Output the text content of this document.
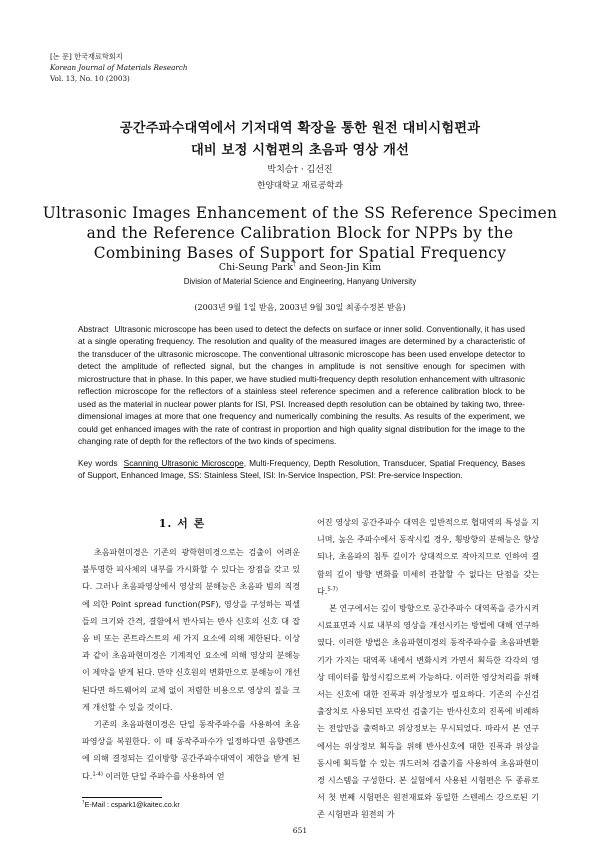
[논 문] 한국재료학회지
Korean Journal of Materials Research
Vol. 13, No. 10 (2003)
공간주파수대역에서 기저대역 확장을 통한 원전 대비시험편과
대비 보정 시험편의 초음파 영상 개선
박치승† · 김선진
한양대학교 재료공학과
Ultrasonic Images Enhancement of the SS Reference Specimen
and the Reference Calibration Block for NPPs by the
Combining Bases of Support for Spatial Frequency
Chi-Seung Park† and Seon-Jin Kim
Division of Material Science and Engineering, Hanyang University
(2003년 9월 1일 받음, 2003년 9월 30일 최종수정본 받음)
Abstract Ultrasonic microscope has been used to detect the defects on surface or inner solid. Conventionally, it has used at a single operating frequency. The resolution and quality of the measured images are determined by a characteristic of the transducer of the ultrasonic microscope. The conventional ultrasonic microscope has been used envelope detector to detect the amplitude of reflected signal, but the changes in amplitude is not sensitive enough for specimen with microstructure that in phase. In this paper, we have studied multi-frequency depth resolution enhancement with ultrasonic reflection microscope for the reflectors of a stainless steel reference specimen and a reference calibration block to be used as the material in nuclear power plants for ISI, PSI. Increased depth resolution can be obtained by taking two, three-dimensional images at more that one frequency and numerically combining the results. As results of the experiment, we could get enhanced images with the rate of contrast in proportion and high quality signal distribution for the image to the changing rate of depth for the reflectors of the two kinds of specimens.
Key words Scanning Ultrasonic Microscope, Multi-Frequency, Depth Resolution, Transducer, Spatial Frequency, Bases of Support, Enhanced Image, SS: Stainless Steel, ISI: In-Service Inspection, PSI: Pre-service Inspection.
1. 서 론

초음파현미경은 기존의 광학현미경으로는 검출이 어려운 불투명한 피사체의 내부를 가시화할 수 있다는 장점을 갖고 있다. 그러나 초음파영상에서 영상의 분해능은 초음파 빔의 직경에 의한 Point spread function(PSF), 영상을 구성하는 픽셀들의 크기와 간격, 결함에서 반사되는 반사 신호의 신호 대 잡음 비 또는 콘트라스트의 세 가지 요소에 의해 제한된다. 이상과 같이 초음파현미경은 기계적인 요소에 의해 영상의 분해능이 제약을 받게 된다. 만약 신호원의 변화만으로 분해능이 개선된다면 하드웨어의 교체 없이 저렴한 비용으로 영상의 질을 크게 개선할 수 있을 것이다.

기존의 초음파현미경은 단일 동작주파수를 사용하여 초음파영상을 복원한다. 이 때 동작주파수가 일정하다면 음향렌즈에 의해 결정되는 깊이방향 공간주파수대역이 제한을 받게 된다.$^{1-4)}$ 이러한 단일 주파수를 사용하여 얻

어진 영상의 공간주파수 대역은 일반적으로 협대역의 특성을 지니며, 높은 주파수에서 동작시킬 경우, 횡방향의 분해능은 향상되나, 초음파의 침투 깊이가 상대적으로 작아지므로 인하여 결함의 깊이 방향 변화를 미세히 관찰할 수 없다는 단점을 갖는다.$^{5-7)}$

본 연구에서는 깊이 방향으로 공간주파수 대역폭을 증가시켜 시료표면과 시료 내부의 영상을 개선시키는 방법에 대해 연구하였다. 이러한 방법은 초음파현미경의 동작주파수를 초음파변환기가 가지는 대역폭 내에서 변화시켜 가면서 획득한 각각의 영상 데이터를 합성시킴으로써 가능하다. 이러한 영상처리를 위해서는 신호에 대한 진폭과 위상정보가 필요하다. 기존의 수신검출장치로 사용되던 포락선 검출기는 반사신호의 진폭에 비례하는 전압만을 출력하고 위상정보는 무시되었다. 따라서 본 연구에서는 위상정보 획득을 위해 반사신호에 대한 진폭과 위상을 동시에 획득할 수 있는 쿼드러쳐 검출기를 사용하여 초음파현미경 시스템을 구성한다. 본 실험에서 사용된 시험편은 두 종류로서 첫 번째 시험편은 원전재료와 동일한 스텐레스 강으로된 기존 시험편과 원전의 가

†E-Mail : cspark1@kaitec.co.kr
651
